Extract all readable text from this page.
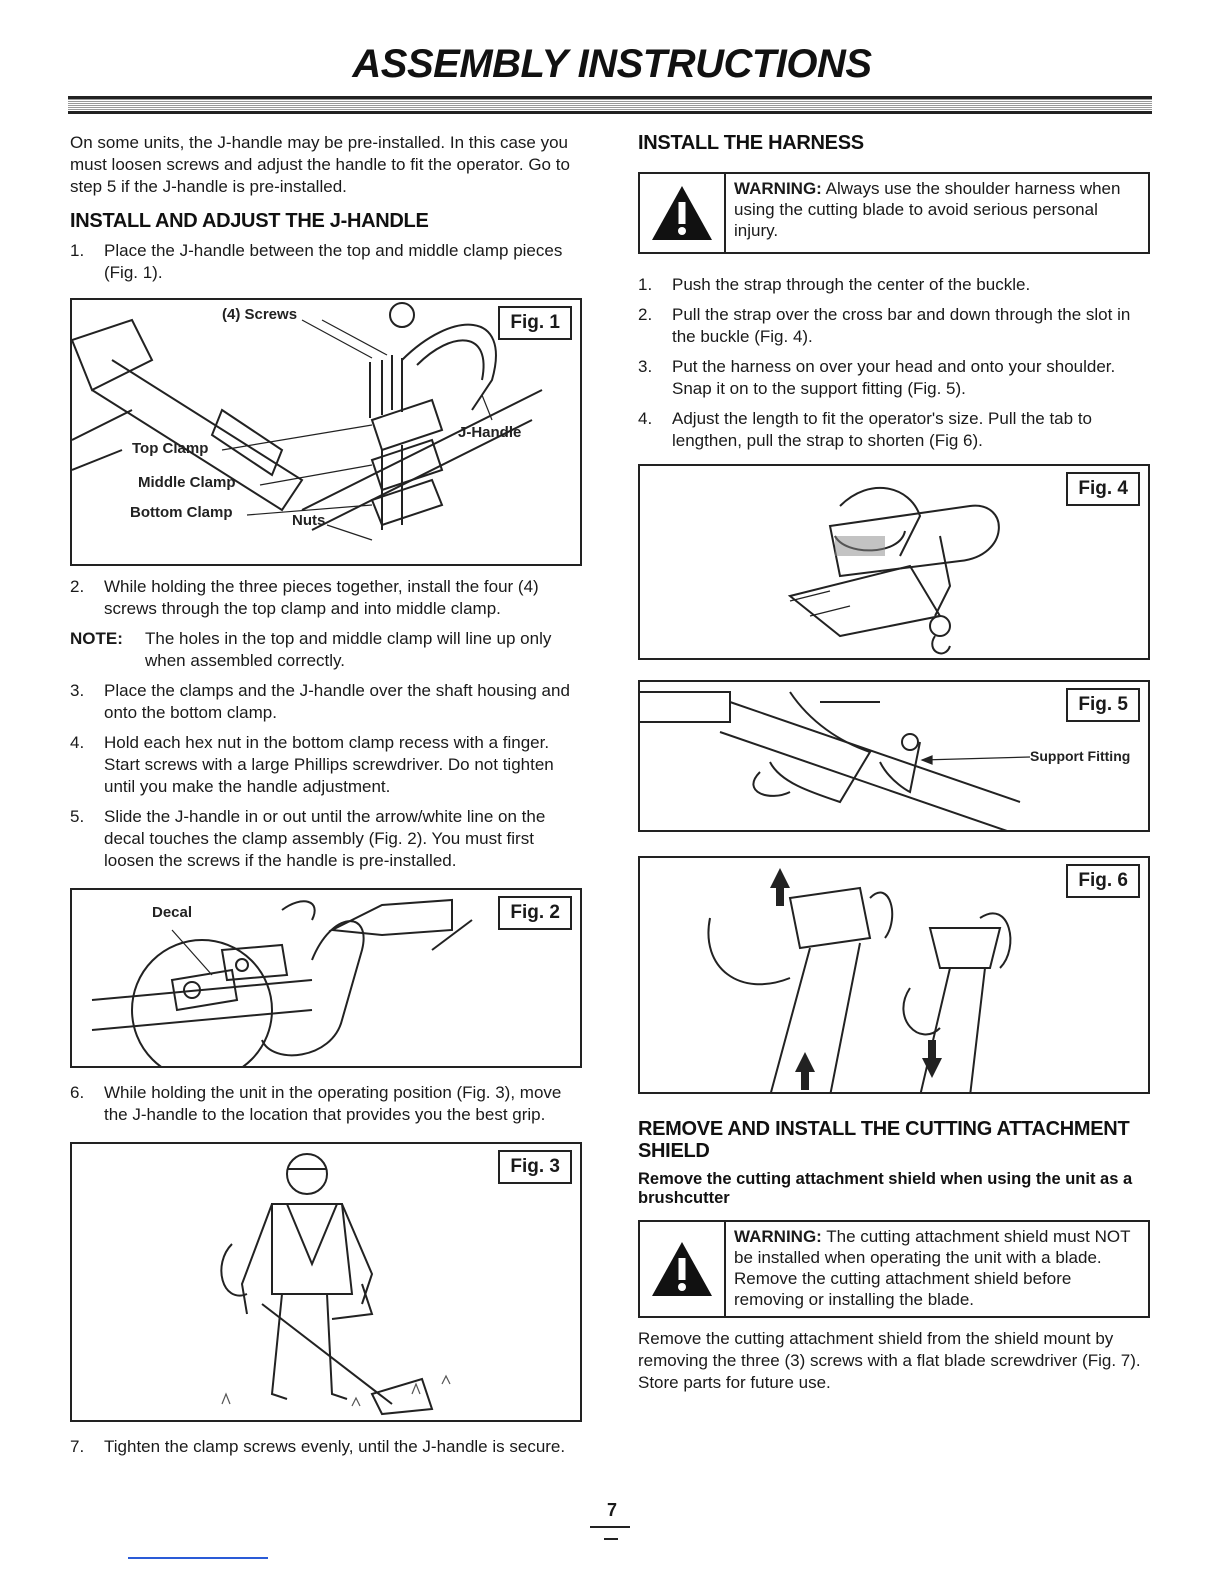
ASSEMBLY INSTRUCTIONS

On some units, the J-handle may be pre-installed. In this case you must loosen screws and adjust the handle to fit the operator. Go to step 5 if the J-handle is pre-installed.

INSTALL AND ADJUST THE J-HANDLE
1.	Place the J-handle between the top and middle clamp pieces (Fig. 1).
(4) Screws
J-Handle
Top Clamp
Middle Clamp
Bottom Clamp	Nuts
Fig. 1
2.	While holding the three pieces together, install the four (4) screws through the top clamp and into middle clamp.
NOTE: The holes in the top and middle clamp will line up only when assembled correctly.
3.	Place the clamps and the J-handle over the shaft housing and onto the bottom clamp.
4.	Hold each hex nut in the bottom clamp recess with a finger. Start screws with a large Phillips screwdriver. Do not tighten until you make the handle adjustment.
5.	Slide the J-handle in or out until the arrow/white line on the decal touches the clamp assembly (Fig. 2). You must first loosen the screws if the handle is pre-installed.
Decal	Fig. 2
6.	While holding the unit in the operating position (Fig. 3), move the J-handle to the location that provides you the best grip.
Fig. 3
7.	Tighten the clamp screws evenly, until the J-handle is secure.
INSTALL THE HARNESS
WARNING: Always use the shoulder harness when using the cutting blade to avoid serious personal injury.
1.	Push the strap through the center of the buckle.
2.	Pull the strap over the cross bar and down through the slot in the buckle (Fig. 4).
3.	Put the harness on over your head and onto your shoulder. Snap it on to the support fitting (Fig. 5).
4.	Adjust the length to fit the operator's size. Pull the tab to lengthen, pull the strap to shorten (Fig 6).
Fig. 4
Support Fitting
Fig. 5
Fig. 6
REMOVE AND INSTALL THE CUTTING ATTACHMENT SHIELD
Remove the cutting attachment shield when using the unit as a brushcutter
WARNING: The cutting attachment shield must NOT be installed when operating the unit with a blade. Remove the cutting attachment shield before removing or installing the blade.

Remove the cutting attachment shield from the shield mount by removing the three (3) screws with a flat blade screwdriver (Fig. 7). Store parts for future use.

7
